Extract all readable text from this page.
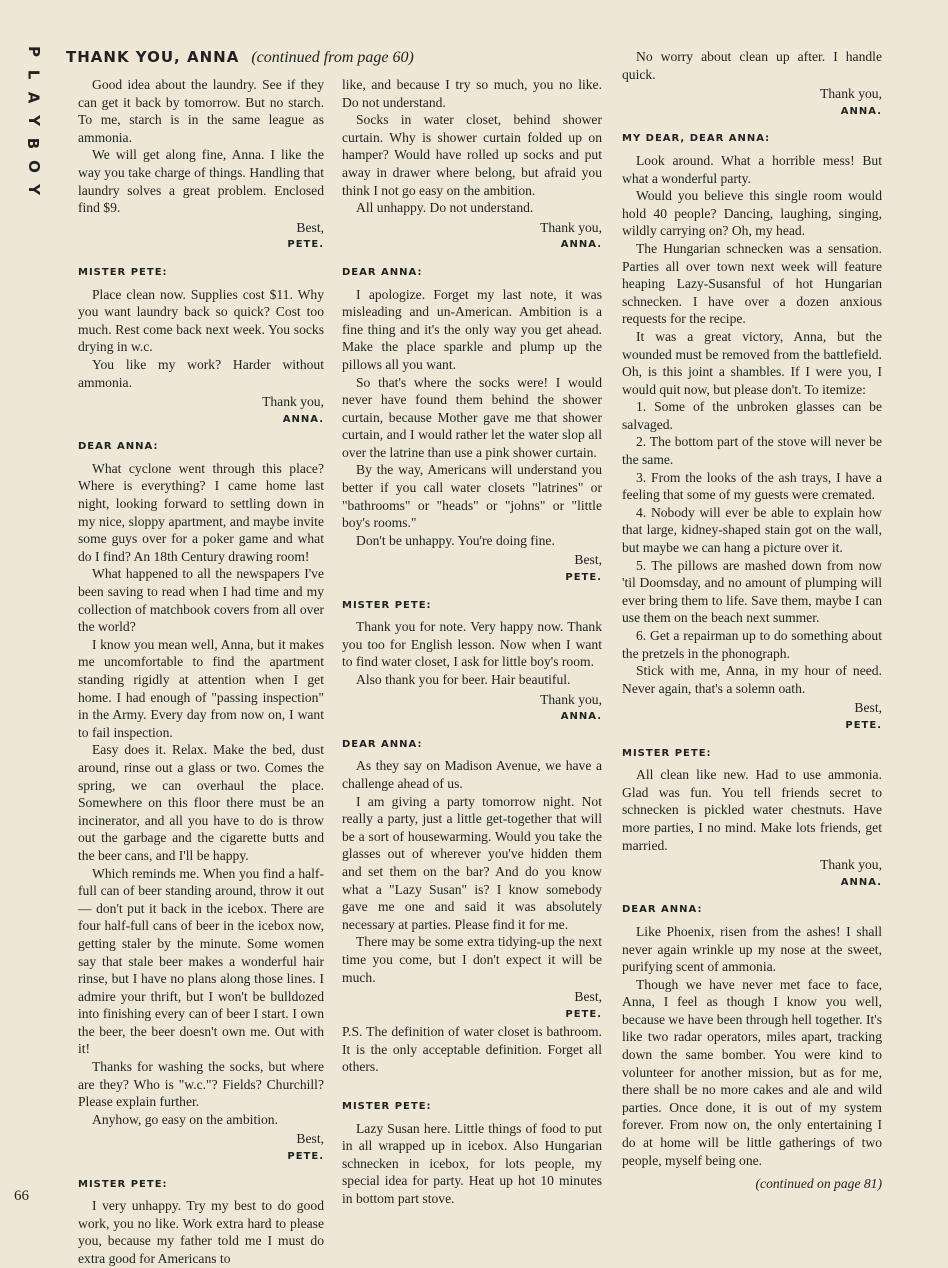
P
L
A
Y
B
O
Y
66
THANK YOU, ANNA (continued from page 60)

Good idea about the laundry. See if they can get it back by tomorrow. But no starch. To me, starch is in the same league as ammonia.

We will get along fine, Anna. I like the way you take charge of things. Handling that laundry solves a great problem. Enclosed find $9.

Best,
PETE.
MISTER PETE:

Place clean now. Supplies cost $11. Why you want laundry back so quick? Cost too much. Rest come back next week. You socks drying in w.c.

You like my work? Harder without ammonia.

Thank you,
ANNA.
DEAR ANNA:

What cyclone went through this place? Where is everything? I came home last night, looking forward to settling down in my nice, sloppy apartment, and maybe invite some guys over for a poker game and what do I find? An 18th Century drawing room!

What happened to all the newspapers I've been saving to read when I had time and my collection of matchbook covers from all over the world?

I know you mean well, Anna, but it makes me uncomfortable to find the apartment standing rigidly at attention when I get home. I had enough of "passing inspection" in the Army. Every day from now on, I want to fail inspection.

Easy does it. Relax. Make the bed, dust around, rinse out a glass or two. Comes the spring, we can overhaul the place. Somewhere on this floor there must be an incinerator, and all you have to do is throw out the garbage and the cigarette butts and the beer cans, and I'll be happy.

Which reminds me. When you find a half-full can of beer standing around, throw it out — don't put it back in the icebox. There are four half-full cans of beer in the icebox now, getting staler by the minute. Some women say that stale beer makes a wonderful hair rinse, but I have no plans along those lines. I admire your thrift, but I won't be bulldozed into finishing every can of beer I start. I own the beer, the beer doesn't own me. Out with it!

Thanks for washing the socks, but where are they? Who is "w.c."? Fields? Churchill? Please explain further.

Anyhow, go easy on the ambition.

Best,
PETE.
MISTER PETE:

I very unhappy. Try my best to do good work, you no like. Work extra hard to please you, because my father told me I must do extra good for Americans to

like, and because I try so much, you no like. Do not understand.

Socks in water closet, behind shower curtain. Why is shower curtain folded up on hamper? Would have rolled up socks and put away in drawer where belong, but afraid you think I not go easy on the ambition.

All unhappy. Do not understand.

Thank you,
ANNA.
DEAR ANNA:

I apologize. Forget my last note, it was misleading and un-American. Ambition is a fine thing and it's the only way you get ahead. Make the place sparkle and plump up the pillows all you want.

So that's where the socks were! I would never have found them behind the shower curtain, because Mother gave me that shower curtain, and I would rather let the water slop all over the latrine than use a pink shower curtain.

By the way, Americans will understand you better if you call water closets "latrines" or "bathrooms" or "heads" or "johns" or "little boy's rooms."

Don't be unhappy. You're doing fine.

Best,
PETE.
MISTER PETE:

Thank you for note. Very happy now. Thank you too for English lesson. Now when I want to find water closet, I ask for little boy's room.

Also thank you for beer. Hair beautiful.

Thank you,
ANNA.
DEAR ANNA:

As they say on Madison Avenue, we have a challenge ahead of us.

I am giving a party tomorrow night. Not really a party, just a little get-together that will be a sort of housewarming. Would you take the glasses out of wherever you've hidden them and set them on the bar? And do you know what a "Lazy Susan" is? I know somebody gave me one and said it was absolutely necessary at parties. Please find it for me.

There may be some extra tidying-up the next time you come, but I don't expect it will be much.

Best,
PETE.

P.S. The definition of water closet is bathroom. It is the only acceptable definition. Forget all others.

MISTER PETE:

Lazy Susan here. Little things of food to put in all wrapped up in icebox. Also Hungarian schnecken in icebox, for lots people, my special idea for party. Heat up hot 10 minutes in bottom part stove.

No worry about clean up after. I handle quick.

Thank you,
ANNA.
MY DEAR, DEAR ANNA:

Look around. What a horrible mess! But what a wonderful party.

Would you believe this single room would hold 40 people? Dancing, laughing, singing, wildly carrying on? Oh, my head.

The Hungarian schnecken was a sensation. Parties all over town next week will feature heaping Lazy-Susansful of hot Hungarian schnecken. I have over a dozen anxious requests for the recipe.

It was a great victory, Anna, but the wounded must be removed from the battlefield. Oh, is this joint a shambles. If I were you, I would quit now, but please don't. To itemize:

1. Some of the unbroken glasses can be salvaged.

2. The bottom part of the stove will never be the same.

3. From the looks of the ash trays, I have a feeling that some of my guests were cremated.

4. Nobody will ever be able to explain how that large, kidney-shaped stain got on the wall, but maybe we can hang a picture over it.

5. The pillows are mashed down from now 'til Doomsday, and no amount of plumping will ever bring them to life. Save them, maybe I can use them on the beach next summer.

6. Get a repairman up to do something about the pretzels in the phonograph.

Stick with me, Anna, in my hour of need. Never again, that's a solemn oath.

Best,
PETE.
MISTER PETE:

All clean like new. Had to use ammonia. Glad was fun. You tell friends secret to schnecken is pickled water chestnuts. Have more parties, I no mind. Make lots friends, get married.

Thank you,
ANNA.
DEAR ANNA:

Like Phoenix, risen from the ashes! I shall never again wrinkle up my nose at the sweet, purifying scent of ammonia.

Though we have never met face to face, Anna, I feel as though I know you well, because we have been through hell together. It's like two radar operators, miles apart, tracking down the same bomber. You were kind to volunteer for another mission, but as for me, there shall be no more cakes and ale and wild parties. Once done, it is out of my system forever. From now on, the only entertaining I do at home will be little gatherings of two people, myself being one.

(continued on page 81)
